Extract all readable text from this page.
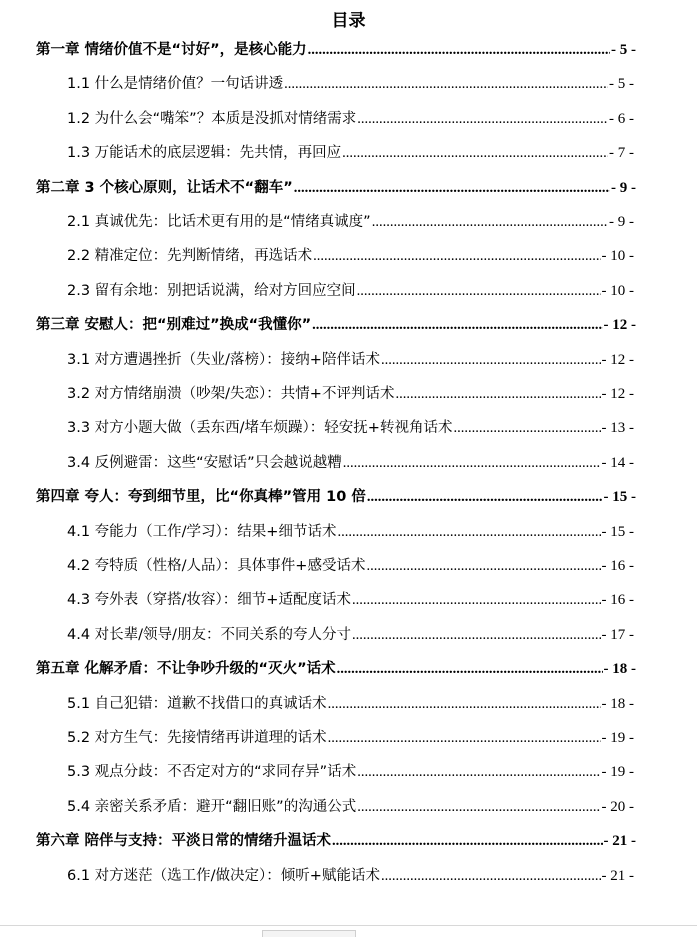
目录
第一章 情绪价值不是“讨好”，是核心能力 .....	- 5 -
1.1 什么是情绪价值？一句话讲透 .....	- 5 -
1.2 为什么会“嘴笨”？本质是没抓对情绪需求 .....	- 6 -
1.3 万能话术的底层逻辑：先共情，再回应 .....	- 7 -
第二章 3 个核心原则，让话术不“翻车” .....	- 9 -
2.1 真诚优先：比话术更有用的是“情绪真诚度” .....	- 9 -
2.2 精准定位：先判断情绪，再选话术 .....	- 10 -
2.3 留有余地：别把话说满，给对方回应空间 .....	- 10 -
第三章 安慰人：把“别难过”换成“我懂你” .....	- 12 -
3.1 对方遭遇挫折（失业/落榜）：接纳+陪伴话术 .....	- 12 -
3.2 对方情绪崩溃（吵架/失恋）：共情+不评判话术 .....	- 12 -
3.3 对方小题大做（丢东西/堵车烦躁）：轻安抚+转视角话术 .....	- 13 -
3.4 反例避雷：这些“安慰话”只会越说越糟 .....	- 14 -
第四章 夸人：夸到细节里，比“你真棒”管用 10 倍 .....	- 15 -
4.1 夸能力（工作/学习）：结果+细节话术 .....	- 15 -
4.2 夸特质（性格/人品）：具体事件+感受话术 .....	- 16 -
4.3 夸外表（穿搭/妆容）：细节+适配度话术 .....	- 16 -
4.4 对长辈/领导/朋友：不同关系的夸人分寸 .....	- 17 -
第五章 化解矛盾：不让争吵升级的“灭火”话术 .....	- 18 -
5.1 自己犯错：道歉不找借口的真诚话术 .....	- 18 -
5.2 对方生气：先接情绪再讲道理的话术 .....	- 19 -
5.3 观点分歧：不否定对方的“求同存异”话术 .....	- 19 -
5.4 亲密关系矛盾：避开“翻旧账”的沟通公式 .....	- 20 -
第六章 陪伴与支持：平淡日常的情绪升温话术 .....	- 21 -
6.1 对方迷茫（选工作/做决定）：倾听+赋能话术 .....	- 21 -
